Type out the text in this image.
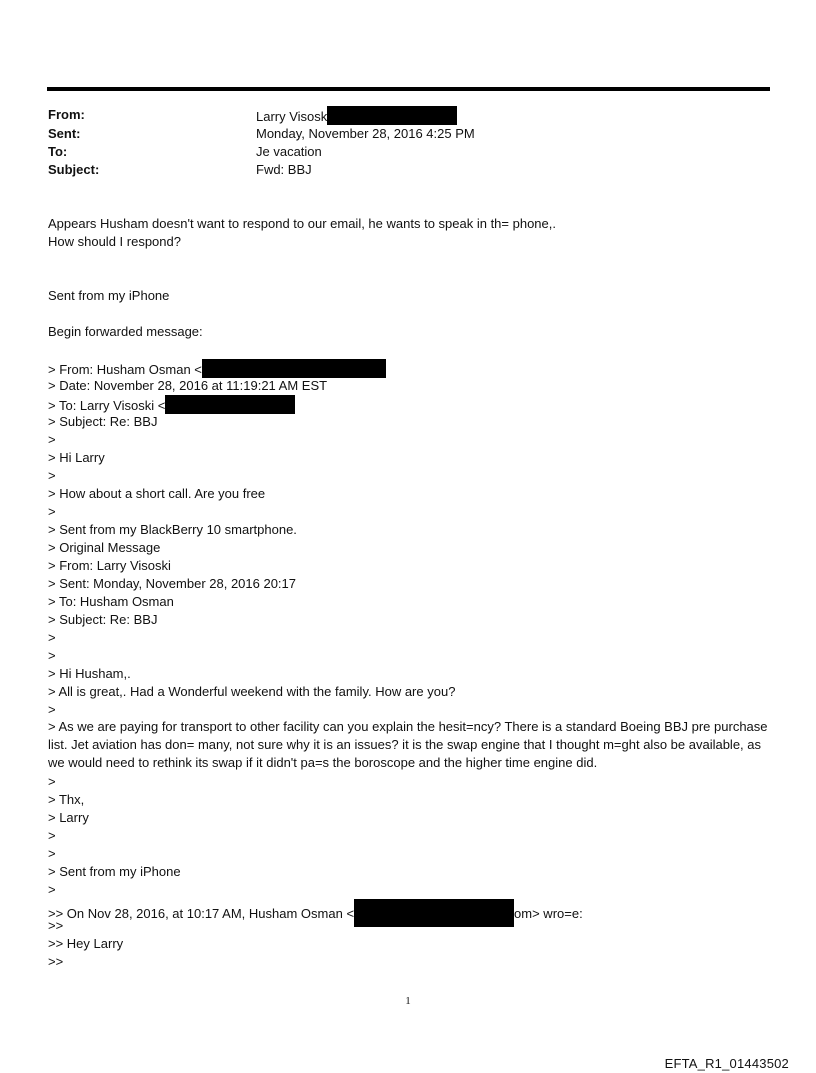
From:	Larry Visosk
Sent:	Monday, November 28, 2016 4:25 PM
To:	Je vacation
Subject:	Fwd: BBJ
Appears Husham doesn't want to respond to our email, he wants to speak in th= phone,.
How should I respond?
Sent from my iPhone
Begin forwarded message:
> From: Husham Osman <
> Date: November 28, 2016 at 11:19:21 AM EST
> To: Larry Visoski <
> Subject: Re: BBJ
>
> Hi Larry
>
> How about a short call. Are you free
>
> Sent from my BlackBerry 10 smartphone.
> Original Message
> From: Larry Visoski
> Sent: Monday, November 28, 2016 20:17
> To: Husham Osman
> Subject: Re: BBJ
>
>
> Hi Husham,.
> All is great,. Had a Wonderful weekend with the family. How are you?
>
> As we are paying for transport to other facility can you explain the hesit=ncy? There is a standard Boeing BBJ pre purchase list. Jet aviation has don= many, not sure why it is an issues? it is the swap engine that I thought m=ght also be available, as we would need to rethink its swap if it didn't pa=s the boroscope and the higher time engine did.
>
> Thx,
> Larry
>
>
> Sent from my iPhone
>
>> On Nov 28, 2016, at 10:17 AM, Husham Osman <	om> wro=e:
>>
>> Hey Larry
>>
1
EFTA_R1_01443502
